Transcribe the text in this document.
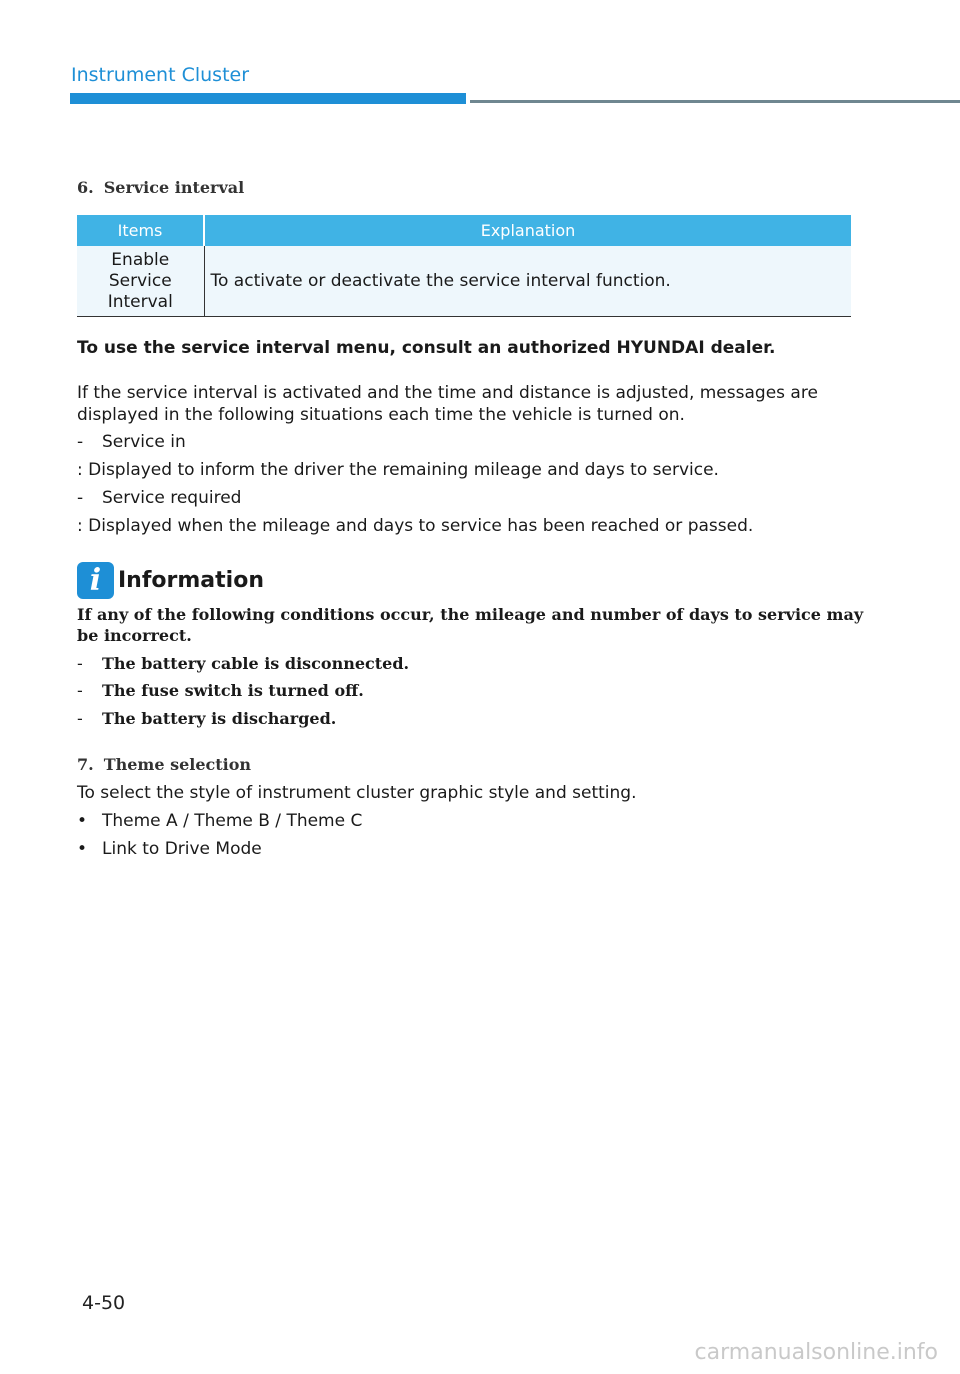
Instrument Cluster
6. Service interval
Items	Explanation
Enable
Service
Interval	To activate or deactivate the service interval function.
To use the service interval menu, consult an authorized HYUNDAI dealer.
If the service interval is activated and the time and distance is adjusted, messages are displayed in the following situations each time the vehicle is turned on.
- Service in
: Displayed to inform the driver the remaining mileage and days to service.
- Service required
: Displayed when the mileage and days to service has been reached or passed.
i Information
If any of the following conditions occur, the mileage and number of days to service may be incorrect.
- The battery cable is disconnected.
- The fuse switch is turned off.
- The battery is discharged.
7. Theme selection
To select the style of instrument cluster graphic style and setting.
• Theme A / Theme B / Theme C
• Link to Drive Mode
4-50
carmanualsonline.info
